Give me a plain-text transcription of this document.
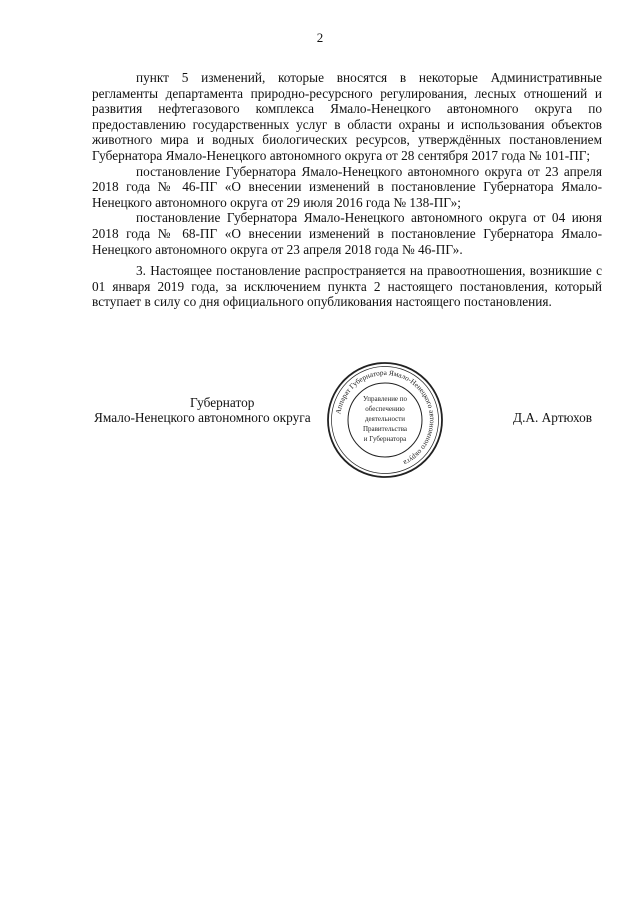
2

пункт 5 изменений, которые вносятся в некоторые Административные регламенты департамента природно-ресурсного регулирования, лесных отношений и развития нефтегазового комплекса Ямало-Ненецкого автономного округа по предоставлению государственных услуг в области охраны и использования объектов животного мира и водных биологических ресурсов, утверждённых постановлением Губернатора Ямало-Ненецкого автономного округа от 28 сентября 2017 года № 101-ПГ;

постановление Губернатора Ямало-Ненецкого автономного округа от 23 апреля 2018 года № 46-ПГ «О внесении изменений в постановление Губернатора Ямало-Ненецкого автономного округа от 29 июля 2016 года № 138-ПГ»;

постановление Губернатора Ямало-Ненецкого автономного округа от 04 июня 2018 года № 68-ПГ «О внесении изменений в постановление Губернатора Ямало-Ненецкого автономного округа от 23 апреля 2018 года № 46-ПГ».

3. Настоящее постановление распространяется на правоотношения, возникшие с 01 января 2019 года, за исключением пункта 2 настоящего постановления, который вступает в силу со дня официального опубликования настоящего постановления.

Губернатор
Ямало-Ненецкого автономного округа	Д.А. Артюхов
Аппарат Губернатора Ямало-Ненецкого автономного округа
Управление по
обеспечению
деятельности
Правительства
и Губернатора
